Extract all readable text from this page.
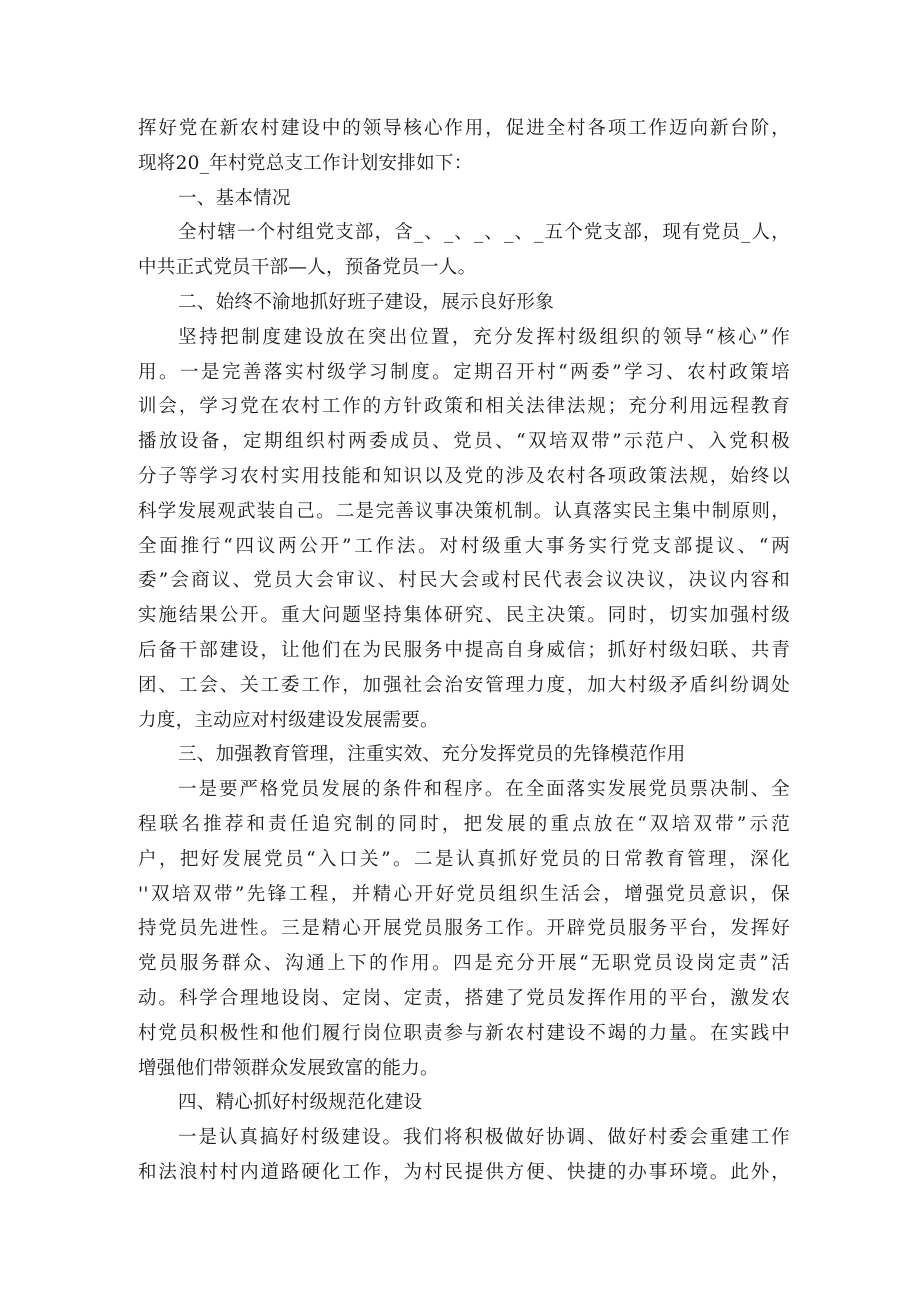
挥好党在新农村建设中的领导核心作用，促进全村各项工作迈向新台阶，
现将20_年村党总支工作计划安排如下：
一、基本情况
全村辖一个村组党支部，含_、_、_、_、_五个党支部，现有党员_人，
中共正式党员干部—人，预备党员一人。
二、始终不渝地抓好班子建设，展示良好形象
坚持把制度建设放在突出位置，充分发挥村级组织的领导“核心”作
用。一是完善落实村级学习制度。定期召开村“两委”学习、农村政策培
训会，学习党在农村工作的方针政策和相关法律法规；充分利用远程教育
播放设备，定期组织村两委成员、党员、“双培双带”示范户、入党积极
分子等学习农村实用技能和知识以及党的涉及农村各项政策法规，始终以
科学发展观武装自己。二是完善议事决策机制。认真落实民主集中制原则，
全面推行“四议两公开”工作法。对村级重大事务实行党支部提议、“两
委”会商议、党员大会审议、村民大会或村民代表会议决议，决议内容和
实施结果公开。重大问题坚持集体研究、民主决策。同时，切实加强村级
后备干部建设，让他们在为民服务中提高自身威信；抓好村级妇联、共青
团、工会、关工委工作，加强社会治安管理力度，加大村级矛盾纠纷调处
力度，主动应对村级建设发展需要。
三、加强教育管理，注重实效、充分发挥党员的先锋模范作用
一是要严格党员发展的条件和程序。在全面落实发展党员票决制、全
程联名推荐和责任追究制的同时，把发展的重点放在“双培双带”示范
户，把好发展党员“入口关”。二是认真抓好党员的日常教育管理，深化
''双培双带”先锋工程，并精心开好党员组织生活会，增强党员意识，保
持党员先进性。三是精心开展党员服务工作。开辟党员服务平台，发挥好
党员服务群众、沟通上下的作用。四是充分开展“无职党员设岗定责”活
动。科学合理地设岗、定岗、定责，搭建了党员发挥作用的平台，激发农
村党员积极性和他们履行岗位职责参与新农村建设不竭的力量。在实践中
增强他们带领群众发展致富的能力。
四、精心抓好村级规范化建设
一是认真搞好村级建设。我们将积极做好协调、做好村委会重建工作
和法浪村村内道路硬化工作，为村民提供方便、快捷的办事环境。此外，
